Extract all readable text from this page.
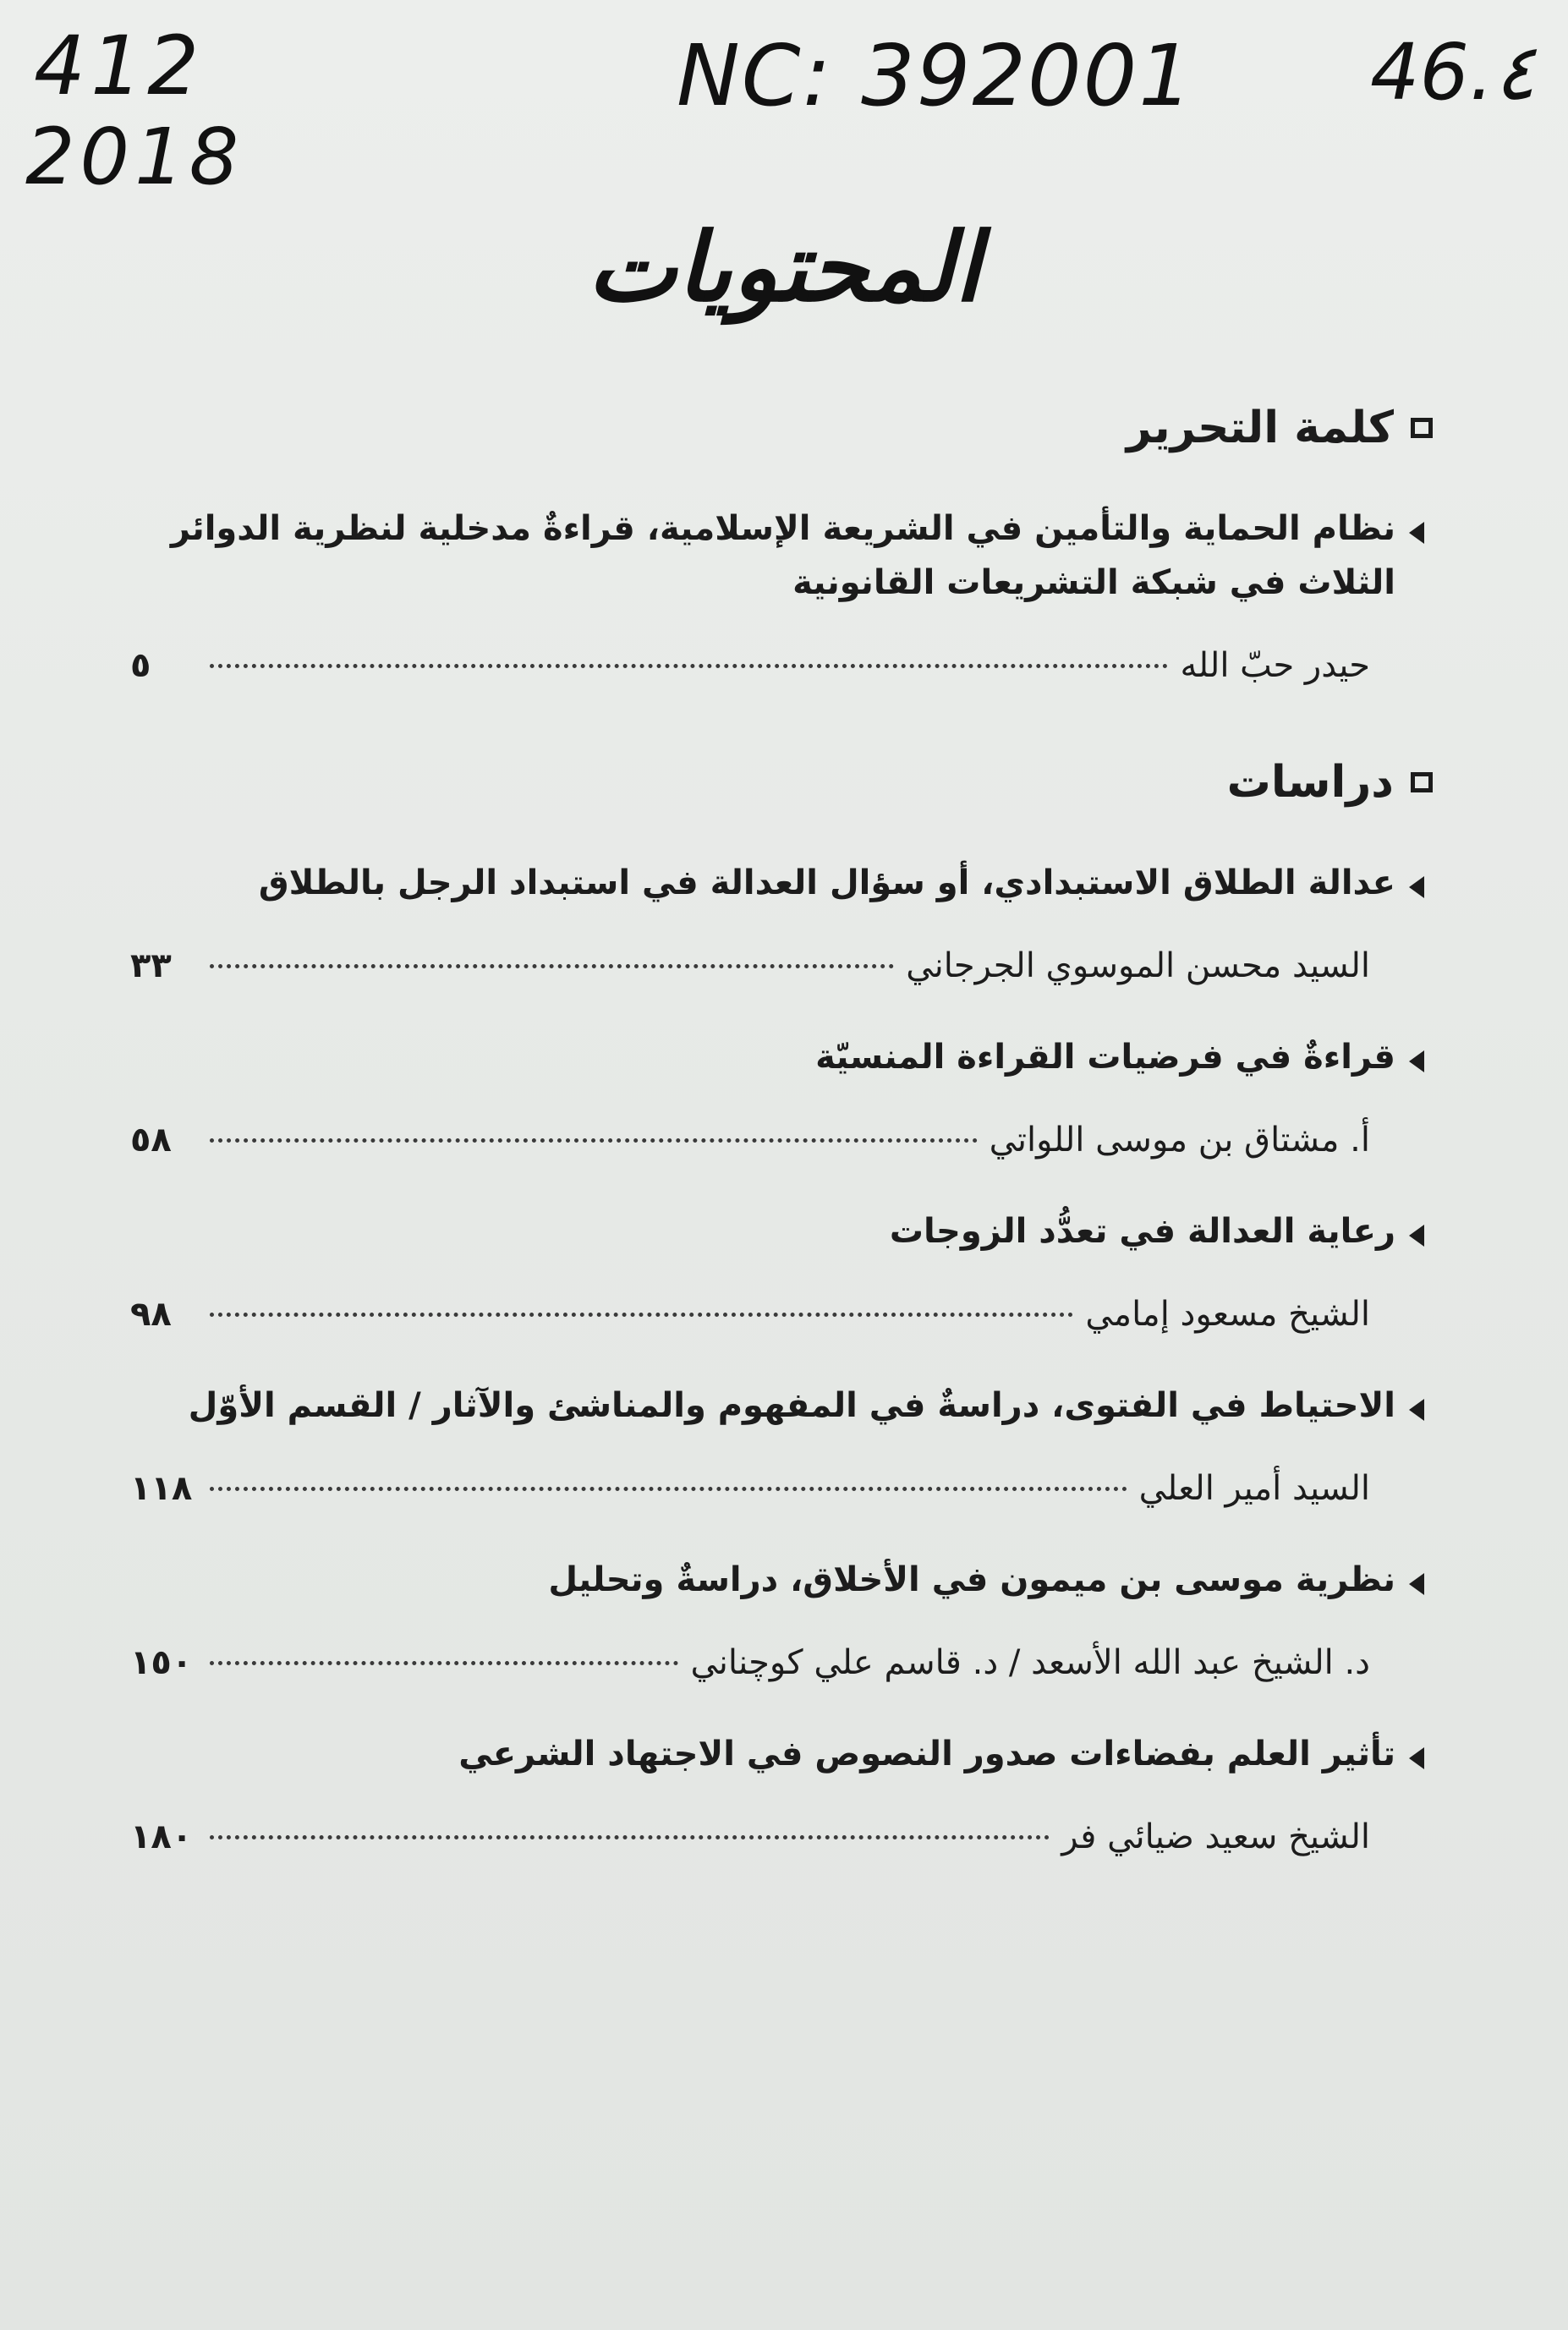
412
2018
NC: 392001 46.٤
المحتويات
كلمة التحرير
نظام الحماية والتأمين في الشريعة الإسلامية، قراءةٌ مدخلية لنظرية الدوائر الثلاث في شبكة التشريعات القانونية
حيدر حبّ الله
٥
دراسات
عدالة الطلاق الاستبدادي، أو سؤال العدالة في استبداد الرجل بالطلاق
السيد محسن الموسوي الجرجاني
٣٣
قراءةٌ في فرضيات القراءة المنسيّة
أ. مشتاق بن موسى اللواتي
٥٨
رعاية العدالة في تعدُّد الزوجات
الشيخ مسعود إمامي
٩٨
الاحتياط في الفتوى، دراسةٌ في المفهوم والمناشئ والآثار / القسم الأوّل
السيد أمير العلي
١١٨
نظرية موسى بن ميمون في الأخلاق، دراسةٌ وتحليل
د. الشيخ عبد الله الأسعد / د. قاسم علي كوچناني
١٥٠
تأثير العلم بفضاءات صدور النصوص في الاجتهاد الشرعي
الشيخ سعيد ضيائي فر
١٨٠
